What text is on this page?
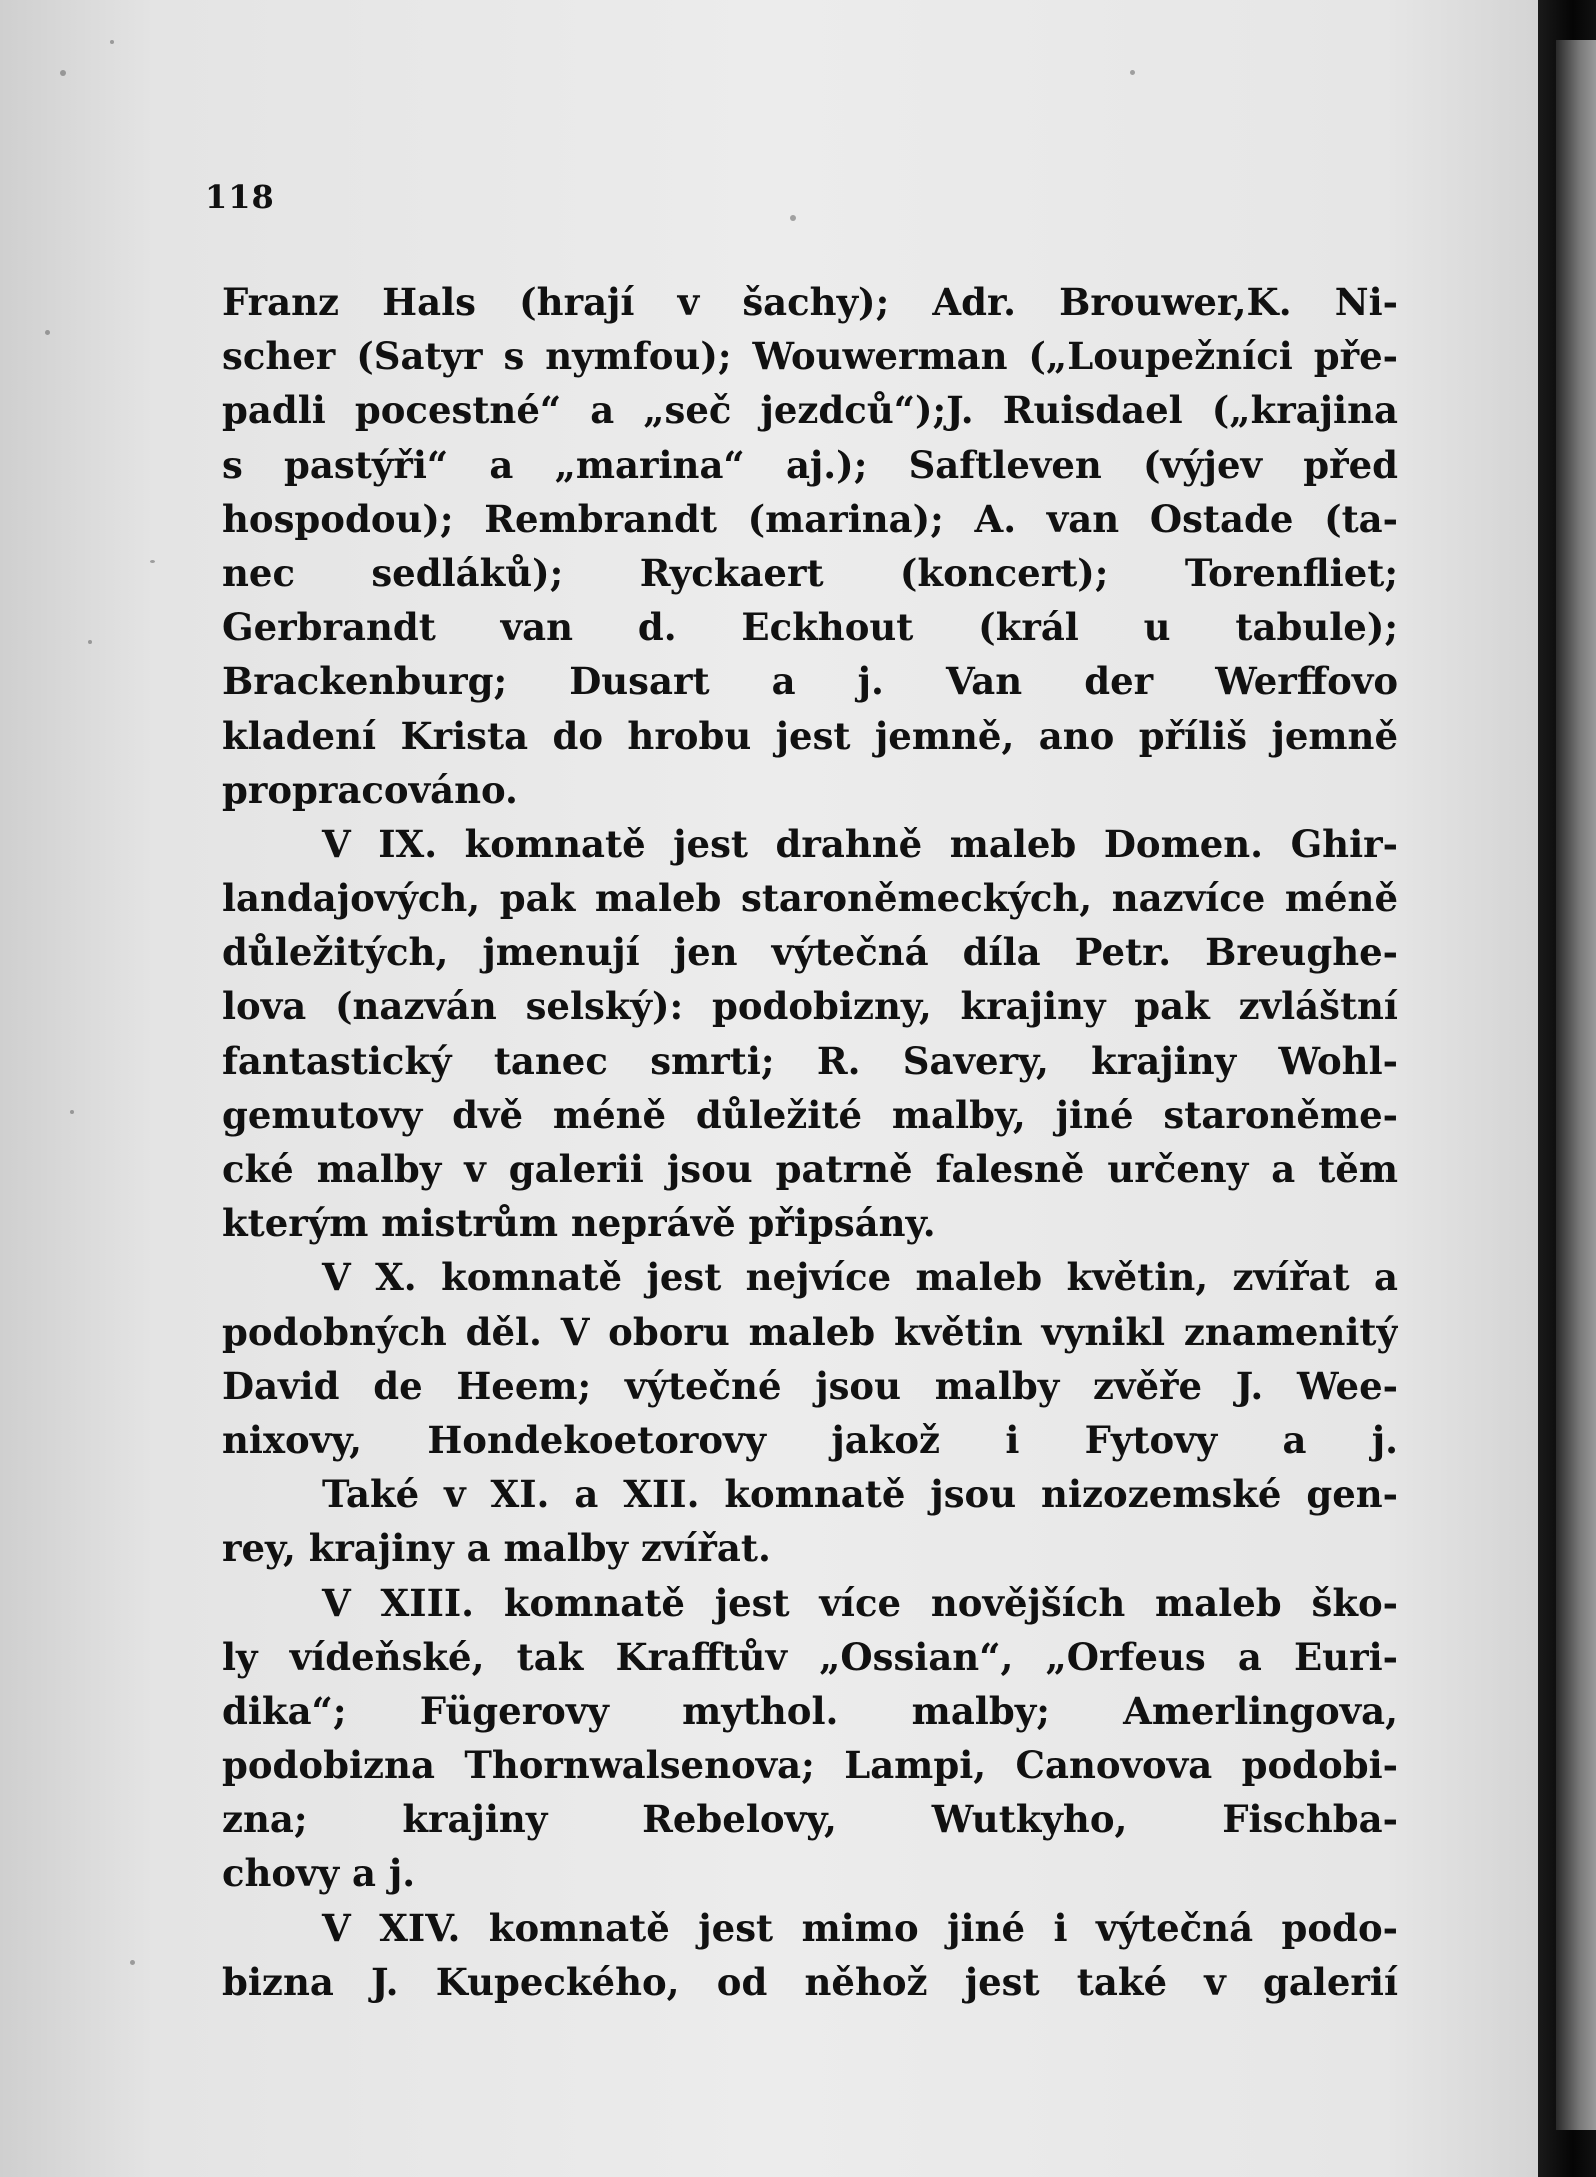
118
Franz Hals (hrají v šachy); Adr. Brouwer,K. Ni-
scher (Satyr s nymfou); Wouwerman („Loupežníci pře-
padli pocestné“ a „seč jezdců“);J. Ruisdael („krajina
s pastýři“ a „marina“ aj.); Saftleven (výjev před
hospodou); Rembrandt (marina); A. van Ostade (ta-
nec sedláků); Ryckaert (koncert); Torenfliet;
Gerbrandt van d. Eckhout (král u tabule);
Brackenburg; Dusart a j. Van der Werffovo
kladení Krista do hrobu jest jemně, ano příliš jemně
propracováno.
V IX. komnatě jest drahně maleb Domen. Ghir-
landajových, pak maleb staroněmeckých, nazvíce méně
důležitých, jmenují jen výtečná díla Petr. Breughe-
lova (nazván selský): podobizny, krajiny pak zvláštní
fantastický tanec smrti; R. Savery, krajiny Wohl-
gemutovy dvě méně důležité malby, jiné staroněme-
cké malby v galerii jsou patrně falesně určeny a těm
kterým mistrům neprávě připsány.
V X. komnatě jest nejvíce maleb květin, zvířat a
podobných děl. V oboru maleb květin vynikl znamenitý
David de Heem; výtečné jsou malby zvěře J. Wee-
nixovy, Hondekoetorovy jakož i Fytovy a j.
Také v XI. a XII. komnatě jsou nizozemské gen-
rey, krajiny a malby zvířat.
V XIII. komnatě jest více novějších maleb ško-
ly vídeňské, tak Krafftův „Ossian“, „Orfeus a Euri-
dika“; Fügerovy mythol. malby; Amerlingova,
podobizna Thornwalsenova; Lampi, Canovova podobi-
zna; krajiny Rebelovy, Wutkyho, Fischba-
chovy a j.
V XIV. komnatě jest mimo jiné i výtečná podo-
bizna J. Kupeckého, od něhož jest také v galerií
